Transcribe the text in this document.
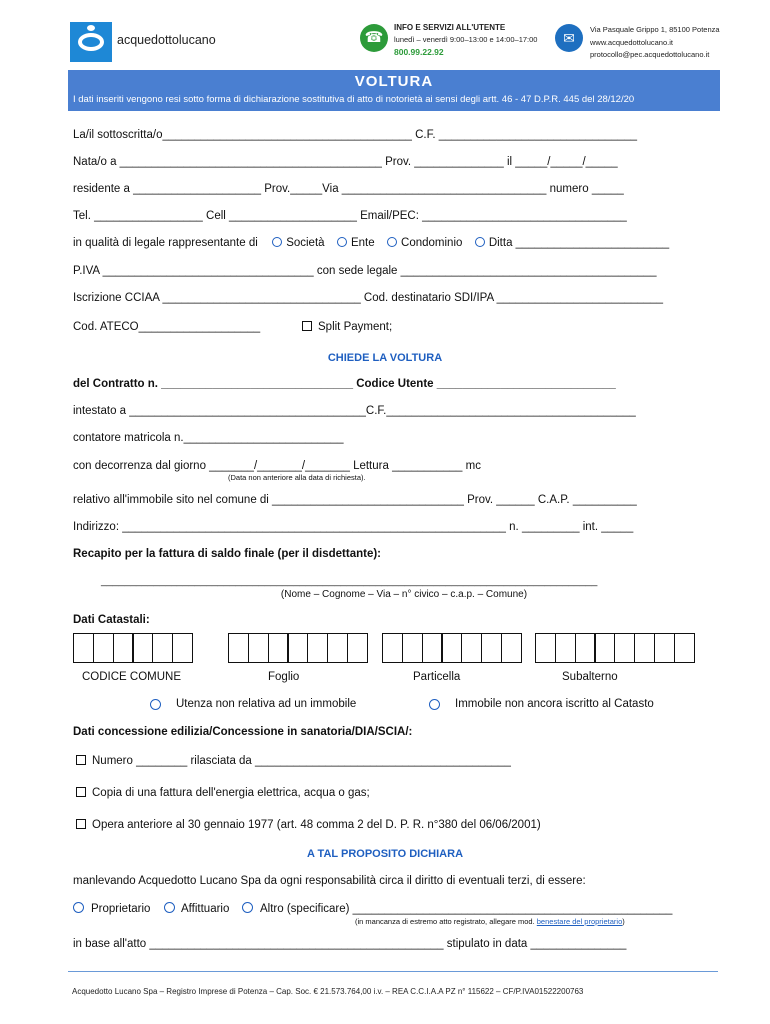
acquedottolucano	☎
INFO E SERVIZI ALL'UTENTE
lunedì – venerdì 9:00–13:00 e 14:00–17:00
800.99.22.92
✉
Via Pasquale Grippo 1, 85100 Potenza
www.acquedottolucano.it
protocollo@pec.acquedottolucano.it
VOLTURA
I dati inseriti vengono resi sotto forma di dichiarazione sostitutiva di atto di notorietà ai sensi degli artt. 46 - 47 D.P.R. 445 del 28/12/20
La/il sottoscritta/o_______________________________________ C.F. _______________________________
Nata/o a _________________________________________ Prov. ______________ il _____/_____/_____
residente a ____________________ Prov._____Via ________________________________ numero _____
Tel. _________________ Cell ____________________ Email/PEC: ________________________________
in qualità di legale rappresentante di Società Ente Condominio Ditta ________________________
P.IVA _________________________________ con sede legale ________________________________________
Iscrizione CCIAA _______________________________ Cod. destinatario SDI/IPA __________________________
Cod. ATECO___________________	Split Payment;
CHIEDE LA VOLTURA
del Contratto n. ______________________________ Codice Utente ____________________________
intestato a _____________________________________C.F._______________________________________
contatore matricola n._________________________
con decorrenza dal giorno _______/_______/_______ Lettura ___________ mc
(Data non anteriore alla data di richiesta).
relativo all'immobile sito nel comune di ______________________________ Prov. ______ C.A.P. __________
Indirizzo: ____________________________________________________________ n. _________ int. _____
Recapito per la fattura di saldo finale (per il disdettante):
_____________________________________________________________________________________
(Nome – Cognome – Via – n° civico – c.a.p. – Comune)
Dati Catastali:
CODICE COMUNE	Foglio	Particella	Subalterno
Utenza non relativa ad un immobile	Immobile non ancora iscritto al Catasto
Dati concessione edilizia/Concessione in sanatoria/DIA/SCIA/:
Numero ________ rilasciata da ________________________________________
Copia di una fattura dell'energia elettrica, acqua o gas;
Opera anteriore al 30 gennaio 1977 (art. 48 comma 2 del D. P. R. n°380 del 06/06/2001)
A TAL PROPOSITO DICHIARA
manlevando Acquedotto Lucano Spa da ogni responsabilità circa il diritto di eventuali terzi, di essere:
Proprietario	Affittuario	Altro (specificare) __________________________________________________
(in mancanza di estremo atto registrato, allegare mod. benestare del proprietario)
in base all'atto ______________________________________________ stipulato in data _______________
Acquedotto Lucano Spa – Registro Imprese di Potenza – Cap. Soc. € 21.573.764,00 i.v. – REA C.C.I.A.A PZ n° 115622 – CF/P.IVA01522200763
